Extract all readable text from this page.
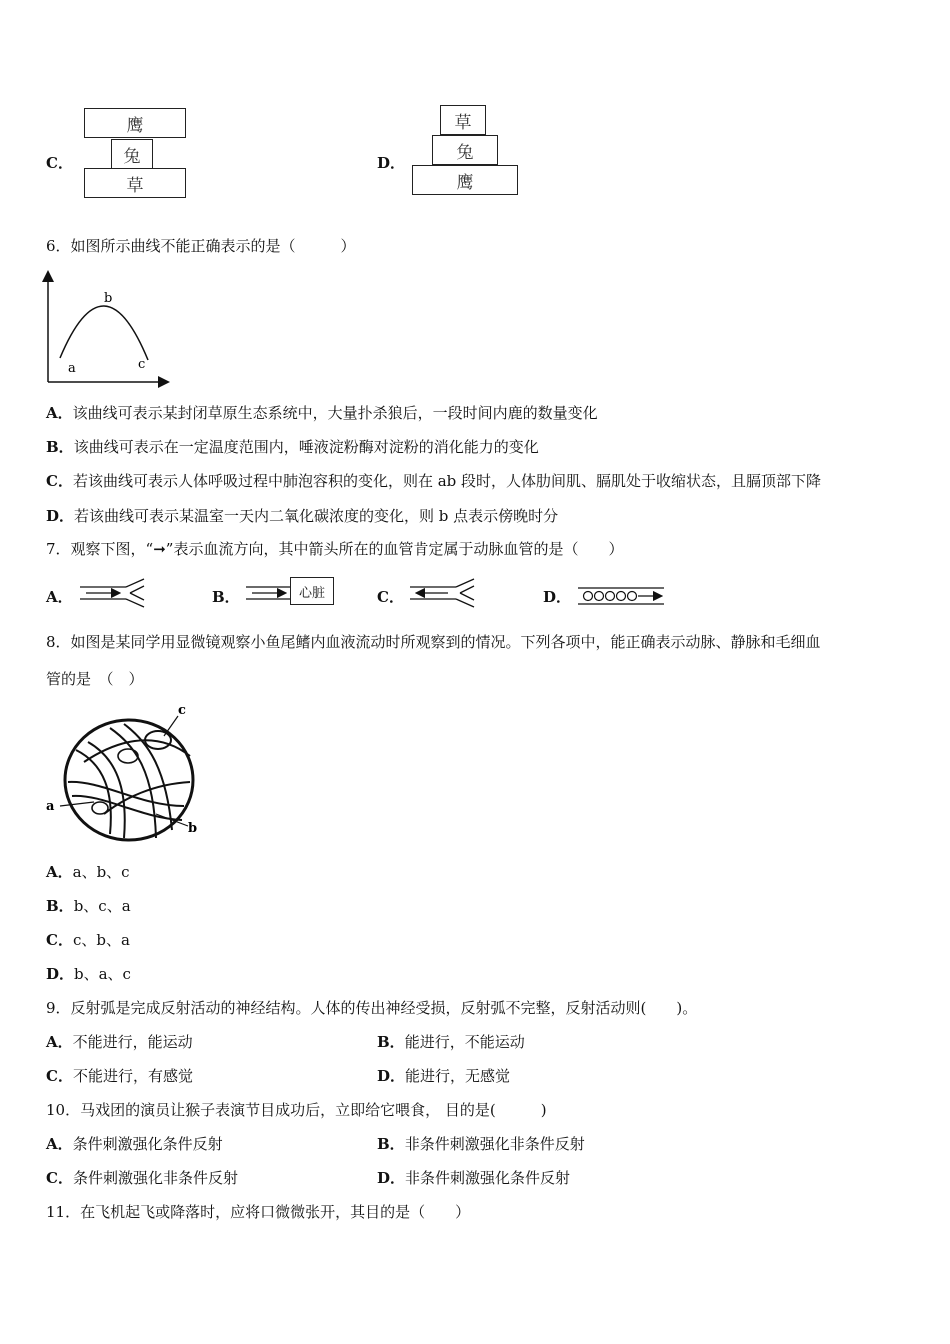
C．
鹰
兔
草
D．
草
兔
鹰
6．如图所示曲线不能正确表示的是（　　　）
a
b
c
A．该曲线可表示某封闭草原生态系统中，大量扑杀狼后，一段时间内鹿的数量变化
B．该曲线可表示在一定温度范围内，唾液淀粉酶对淀粉的消化能力的变化
C．若该曲线可表示人体呼吸过程中肺泡容积的变化，则在 ab 段时，人体肋间肌、膈肌处于收缩状态，且膈顶部下降
D．若该曲线可表示某温室一天内二氧化碳浓度的变化，则 b 点表示傍晚时分
7．观察下图，“➞”表示血流方向，其中箭头所在的血管肯定属于动脉血管的是（　　）
A．	B．	心脏	C．	D．
8．如图是某同学用显微镜观察小鱼尾鳍内血液流动时所观察到的情况。下列各项中，能正确表示动脉、静脉和毛细血
管的是　（　）
c
a
b
A．a、b、c
B．b、c、a
C．c、b、a
D．b、a、c
9．反射弧是完成反射活动的神经结构。人体的传出神经受损，反射弧不完整，反射活动则(　　)。
A．不能进行，能运动	B．能进行，不能运动
C．不能进行，有感觉	D．能进行，无感觉
10．马戏团的演员让猴子表演节目成功后，立即给它喂食， 目的是(　　　)
A．条件刺激强化条件反射	B．非条件刺激强化非条件反射
C．条件刺激强化非条件反射	D．非条件刺激强化条件反射
11．在飞机起飞或降落时，应将口微微张开，其目的是（　　）
